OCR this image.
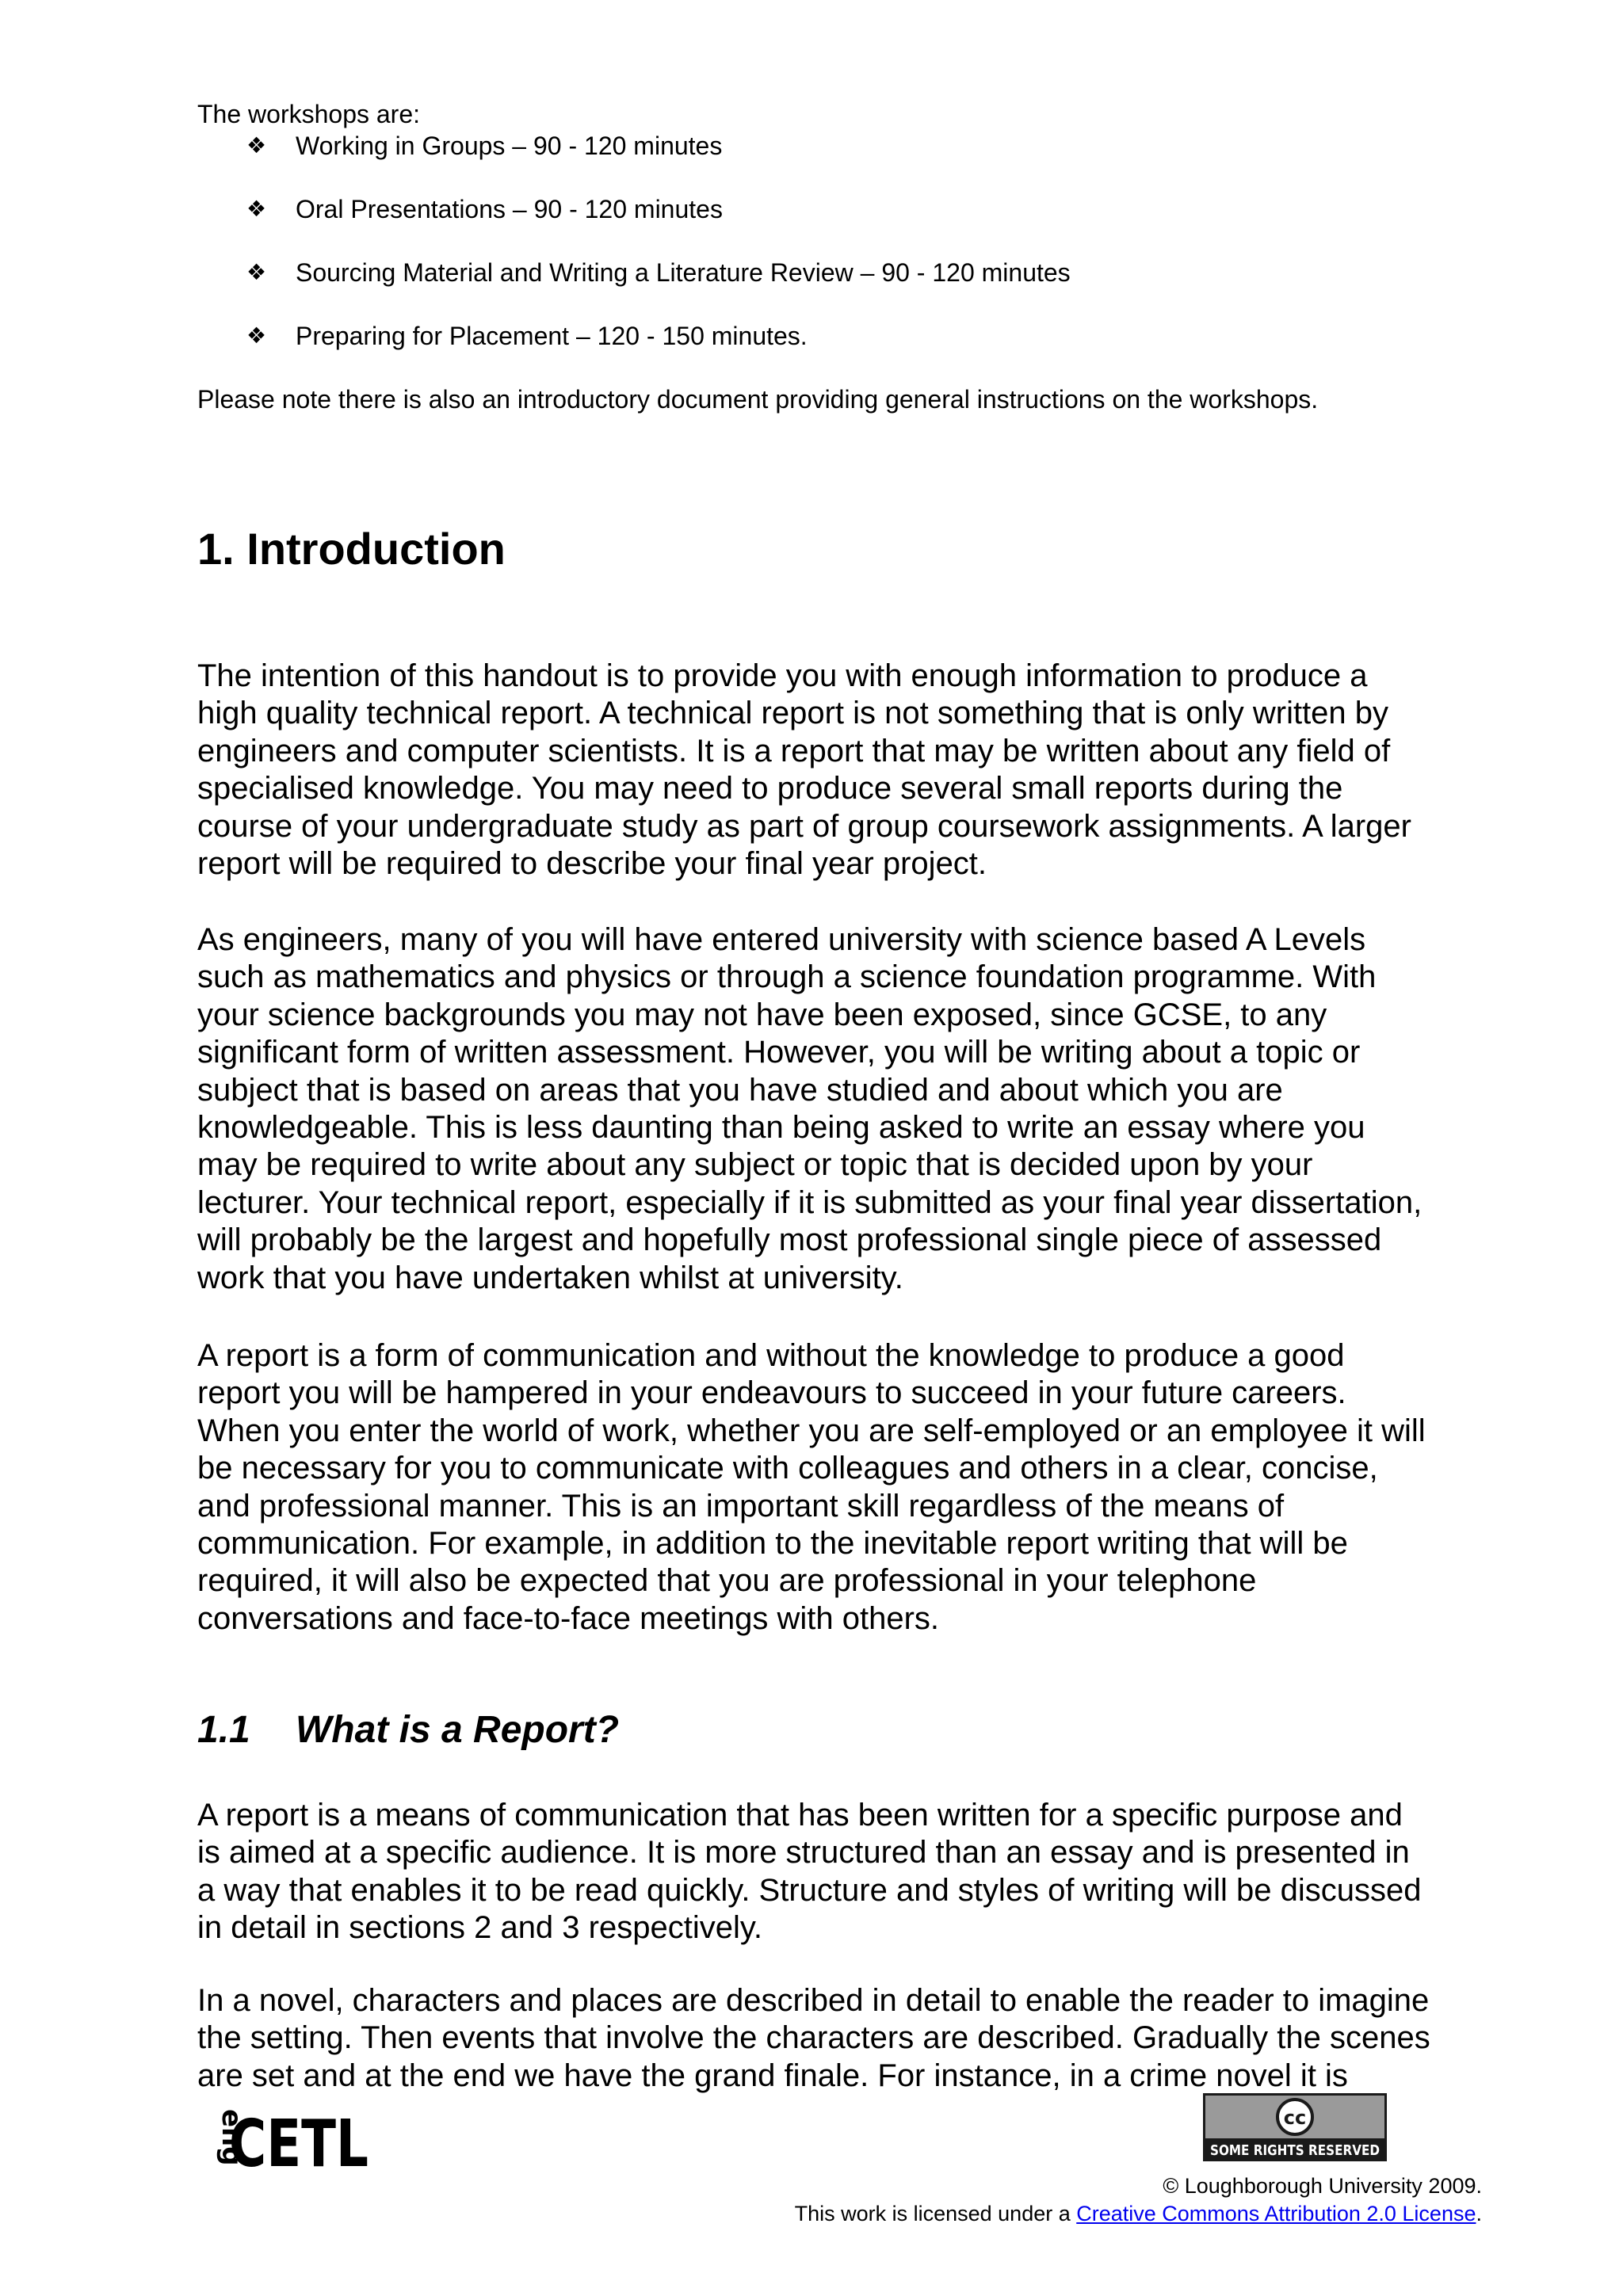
The workshops are:
❖ Working in Groups – 90 - 120 minutes
❖ Oral Presentations – 90 - 120 minutes
❖ Sourcing Material and Writing a Literature Review – 90 - 120 minutes
❖ Preparing for Placement – 120 - 150 minutes.
Please note there is also an introductory document providing general instructions on the workshops.
1. Introduction
The intention of this handout is to provide you with enough information to produce a
high quality technical report. A technical report is not something that is only written by
engineers and computer scientists. It is a report that may be written about any field of
specialised knowledge. You may need to produce several small reports during the
course of your undergraduate study as part of group coursework assignments. A larger
report will be required to describe your final year project.
As engineers, many of you will have entered university with science based A Levels
such as mathematics and physics or through a science foundation programme. With
your science backgrounds you may not have been exposed, since GCSE, to any
significant form of written assessment. However, you will be writing about a topic or
subject that is based on areas that you have studied and about which you are
knowledgeable. This is less daunting than being asked to write an essay where you
may be required to write about any subject or topic that is decided upon by your
lecturer. Your technical report, especially if it is submitted as your final year dissertation,
will probably be the largest and hopefully most professional single piece of assessed
work that you have undertaken whilst at university.
A report is a form of communication and without the knowledge to produce a good
report you will be hampered in your endeavours to succeed in your future careers.
When you enter the world of work, whether you are self-employed or an employee it will
be necessary for you to communicate with colleagues and others in a clear, concise,
and professional manner. This is an important skill regardless of the means of
communication. For example, in addition to the inevitable report writing that will be
required, it will also be expected that you are professional in your telephone
conversations and face-to-face meetings with others.
1.1 What is a Report?
A report is a means of communication that has been written for a specific purpose and
is aimed at a specific audience. It is more structured than an essay and is presented in
a way that enables it to be read quickly. Structure and styles of writing will be discussed
in detail in sections 2 and 3 respectively.
In a novel, characters and places are described in detail to enable the reader to imagine
the setting. Then events that involve the characters are described. Gradually the scenes
are set and at the end we have the grand finale. For instance, in a crime novel it is
eng
CETL	cc
SOME RIGHTS RESERVED
© Loughborough University 2009.
This work is licensed under a Creative Commons Attribution 2.0 License.
